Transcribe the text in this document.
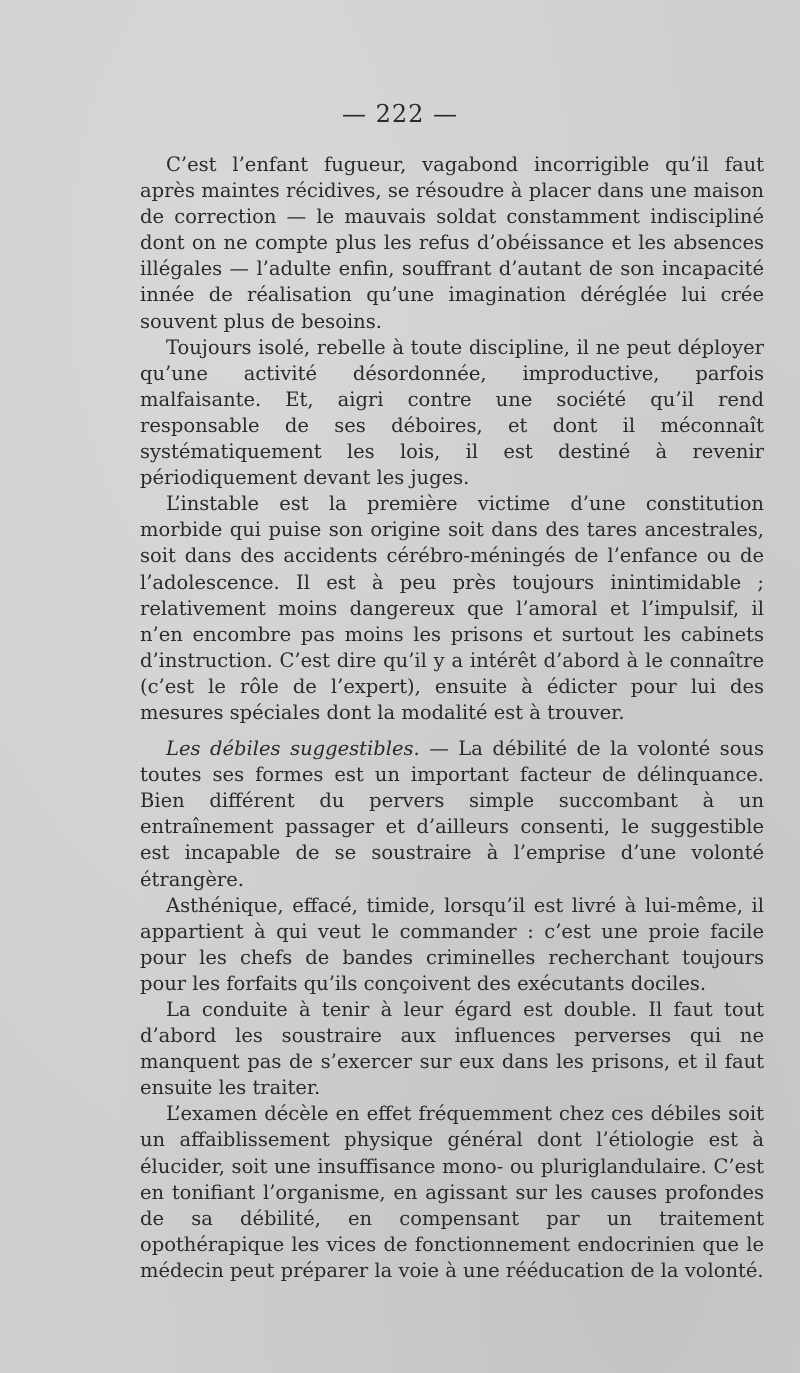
— 222 —

C’est l’enfant fugueur, vagabond incorrigible qu’il faut après maintes récidives, se résoudre à placer dans une maison de correction — le mauvais soldat constamment indiscipliné dont on ne compte plus les refus d’obéissance et les absences illégales — l’adulte enfin, souffrant d’autant de son incapacité innée de réalisation qu’une imagination déréglée lui crée souvent plus de besoins.

Toujours isolé, rebelle à toute discipline, il ne peut déployer qu’une activité désordonnée, improductive, parfois malfaisante. Et, aigri contre une société qu’il rend responsable de ses déboires, et dont il méconnaît systématiquement les lois, il est destiné à revenir périodiquement devant les juges.

L’instable est la première victime d’une constitution morbide qui puise son origine soit dans des tares ancestrales, soit dans des accidents cérébro-méningés de l’enfance ou de l’adolescence. Il est à peu près toujours inintimidable ; relativement moins dangereux que l’amoral et l’impulsif, il n’en encombre pas moins les prisons et surtout les cabinets d’instruction. C’est dire qu’il y a intérêt d’abord à le connaître (c’est le rôle de l’expert), ensuite à édicter pour lui des mesures spéciales dont la modalité est à trouver.

Les débiles suggestibles. — La débilité de la volonté sous toutes ses formes est un important facteur de délinquance. Bien différent du pervers simple succombant à un entraînement passager et d’ailleurs consenti, le suggestible est incapable de se soustraire à l’emprise d’une volonté étrangère.

Asthénique, effacé, timide, lorsqu’il est livré à lui-même, il appartient à qui veut le commander : c’est une proie facile pour les chefs de bandes criminelles recherchant toujours pour les forfaits qu’ils conçoivent des exécutants dociles.

La conduite à tenir à leur égard est double. Il faut tout d’abord les soustraire aux influences perverses qui ne manquent pas de s’exercer sur eux dans les prisons, et il faut ensuite les traiter.

L’examen décèle en effet fréquemment chez ces débiles soit un affaiblissement physique général dont l’étiologie est à élucider, soit une insuffisance mono- ou pluriglandulaire. C’est en tonifiant l’organisme, en agissant sur les causes profondes de sa débilité, en compensant par un traitement opothérapique les vices de fonctionnement endocrinien que le médecin peut préparer la voie à une rééducation de la volonté.
